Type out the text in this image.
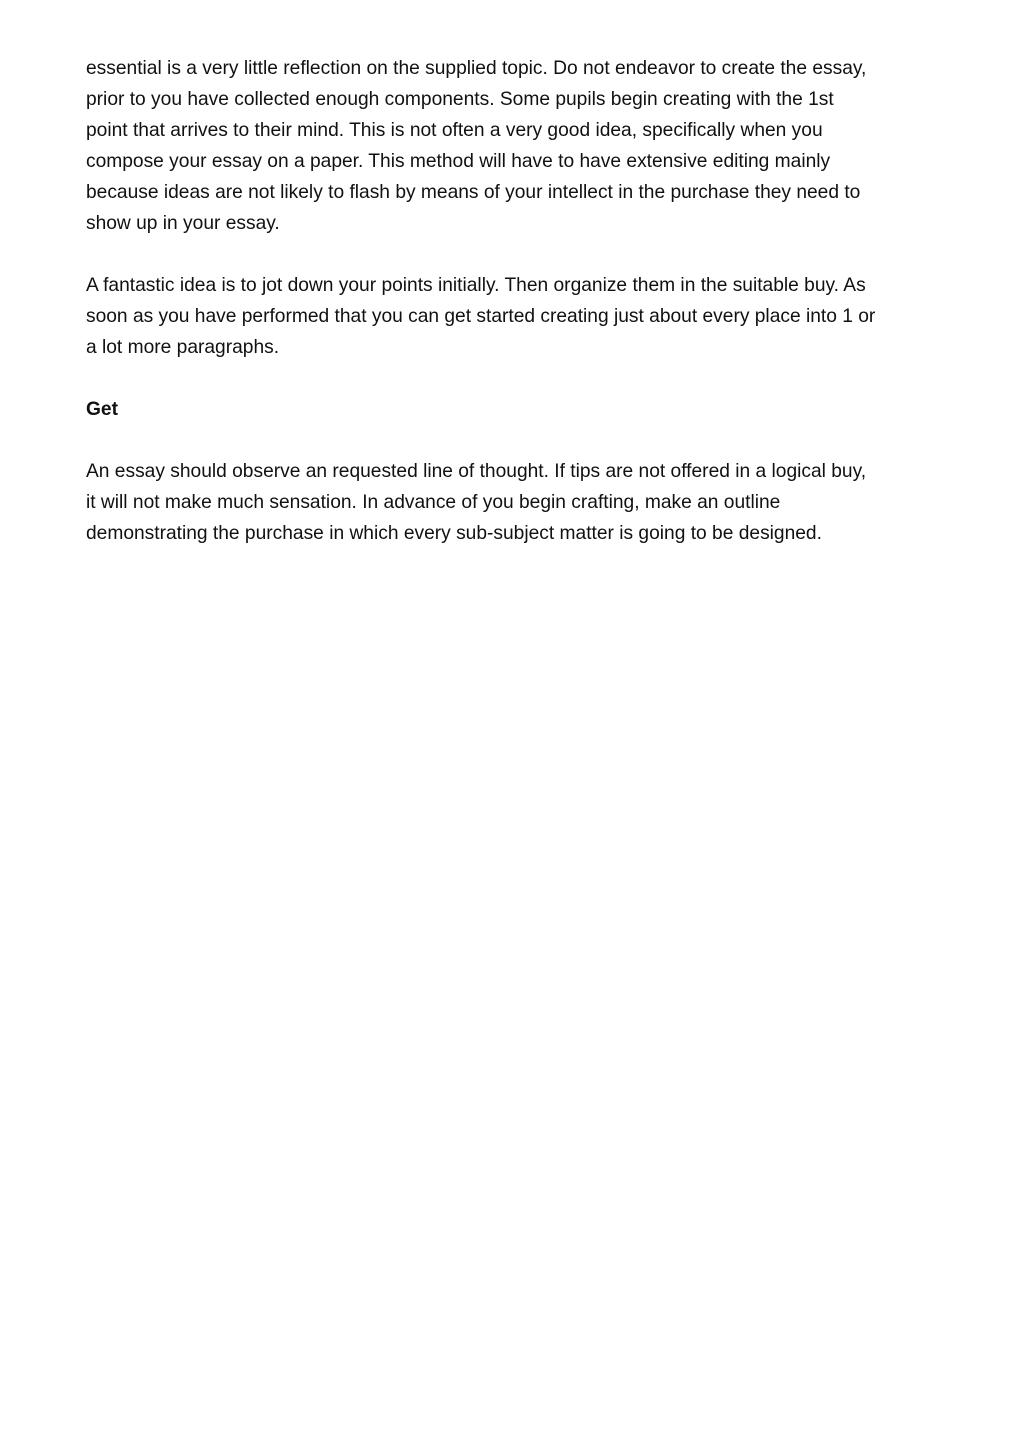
essential is a very little reflection on the supplied topic. Do not endeavor to create the essay,
prior to you have collected enough components. Some pupils begin creating with the 1st
point that arrives to their mind. This is not often a very good idea, specifically when you
compose your essay on a paper. This method will have to have extensive editing mainly
because ideas are not likely to flash by means of your intellect in the purchase they need to
show up in your essay.

A fantastic idea is to jot down your points initially. Then organize them in the suitable buy. As
soon as you have performed that you can get started creating just about every place into 1 or
a lot more paragraphs.

Get

An essay should observe an requested line of thought. If tips are not offered in a logical buy,
it will not make much sensation. In advance of you begin crafting, make an outline
demonstrating the purchase in which every sub-subject matter is going to be designed.
